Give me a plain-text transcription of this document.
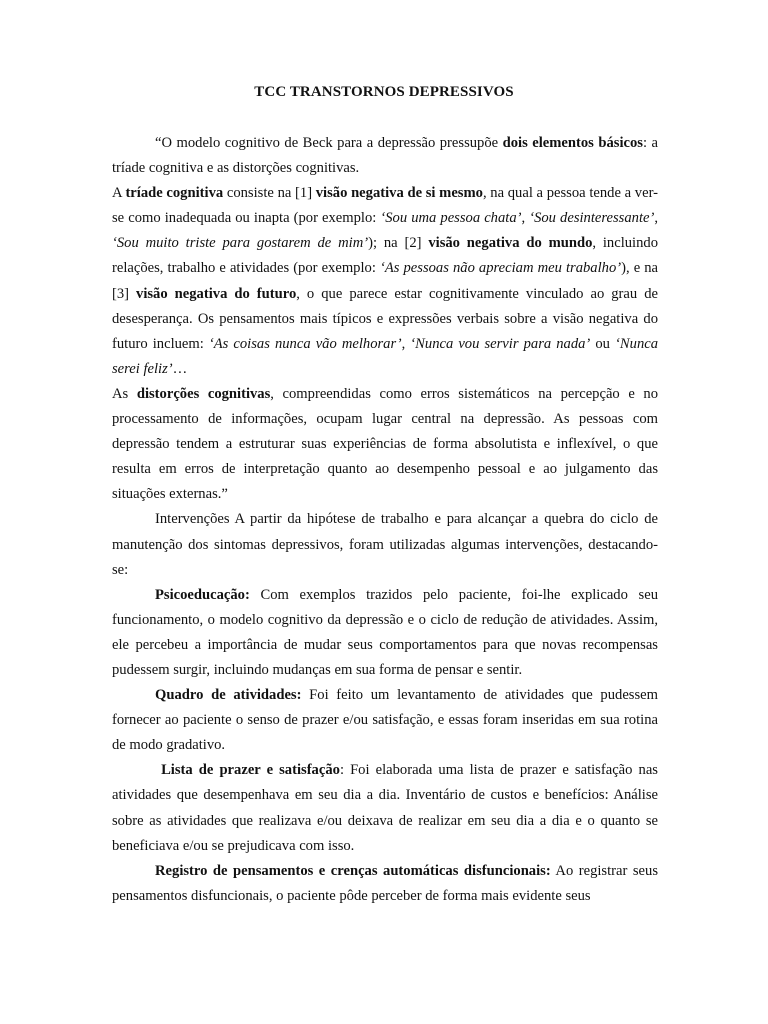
TCC TRANSTORNOS DEPRESSIVOS

“O modelo cognitivo de Beck para a depressão pressupõe dois elementos básicos: a tríade cognitiva e as distorções cognitivas.

A tríade cognitiva consiste na [1] visão negativa de si mesmo, na qual a pessoa tende a ver-se como inadequada ou inapta (por exemplo: ‘Sou uma pessoa chata’, ‘Sou desinteressante’, ‘Sou muito triste para gostarem de mim’); na [2] visão negativa do mundo, incluindo relações, trabalho e atividades (por exemplo: ‘As pessoas não apreciam meu trabalho’), e na [3] visão negativa do futuro, o que parece estar cognitivamente vinculado ao grau de desesperança. Os pensamentos mais típicos e expressões verbais sobre a visão negativa do futuro incluem: ‘As coisas nunca vão melhorar’, ‘Nunca vou servir para nada’ ou ‘Nunca serei feliz’…

As distorções cognitivas, compreendidas como erros sistemáticos na percepção e no processamento de informações, ocupam lugar central na depressão. As pessoas com depressão tendem a estruturar suas experiências de forma absolutista e inflexível, o que resulta em erros de interpretação quanto ao desempenho pessoal e ao julgamento das situações externas.”

Intervenções A partir da hipótese de trabalho e para alcançar a quebra do ciclo de manutenção dos sintomas depressivos, foram utilizadas algumas intervenções, destacando-se:

Psicoeducação: Com exemplos trazidos pelo paciente, foi-lhe explicado seu funcionamento, o modelo cognitivo da depressão e o ciclo de redução de atividades. Assim, ele percebeu a importância de mudar seus comportamentos para que novas recompensas pudessem surgir, incluindo mudanças em sua forma de pensar e sentir.

Quadro de atividades: Foi feito um levantamento de atividades que pudessem fornecer ao paciente o senso de prazer e/ou satisfação, e essas foram inseridas em sua rotina de modo gradativo.

Lista de prazer e satisfação: Foi elaborada uma lista de prazer e satisfação nas atividades que desempenhava em seu dia a dia. Inventário de custos e benefícios: Análise sobre as atividades que realizava e/ou deixava de realizar em seu dia a dia e o quanto se beneficiava e/ou se prejudicava com isso.

Registro de pensamentos e crenças automáticas disfuncionais: Ao registrar seus pensamentos disfuncionais, o paciente pôde perceber de forma mais evidente seus
